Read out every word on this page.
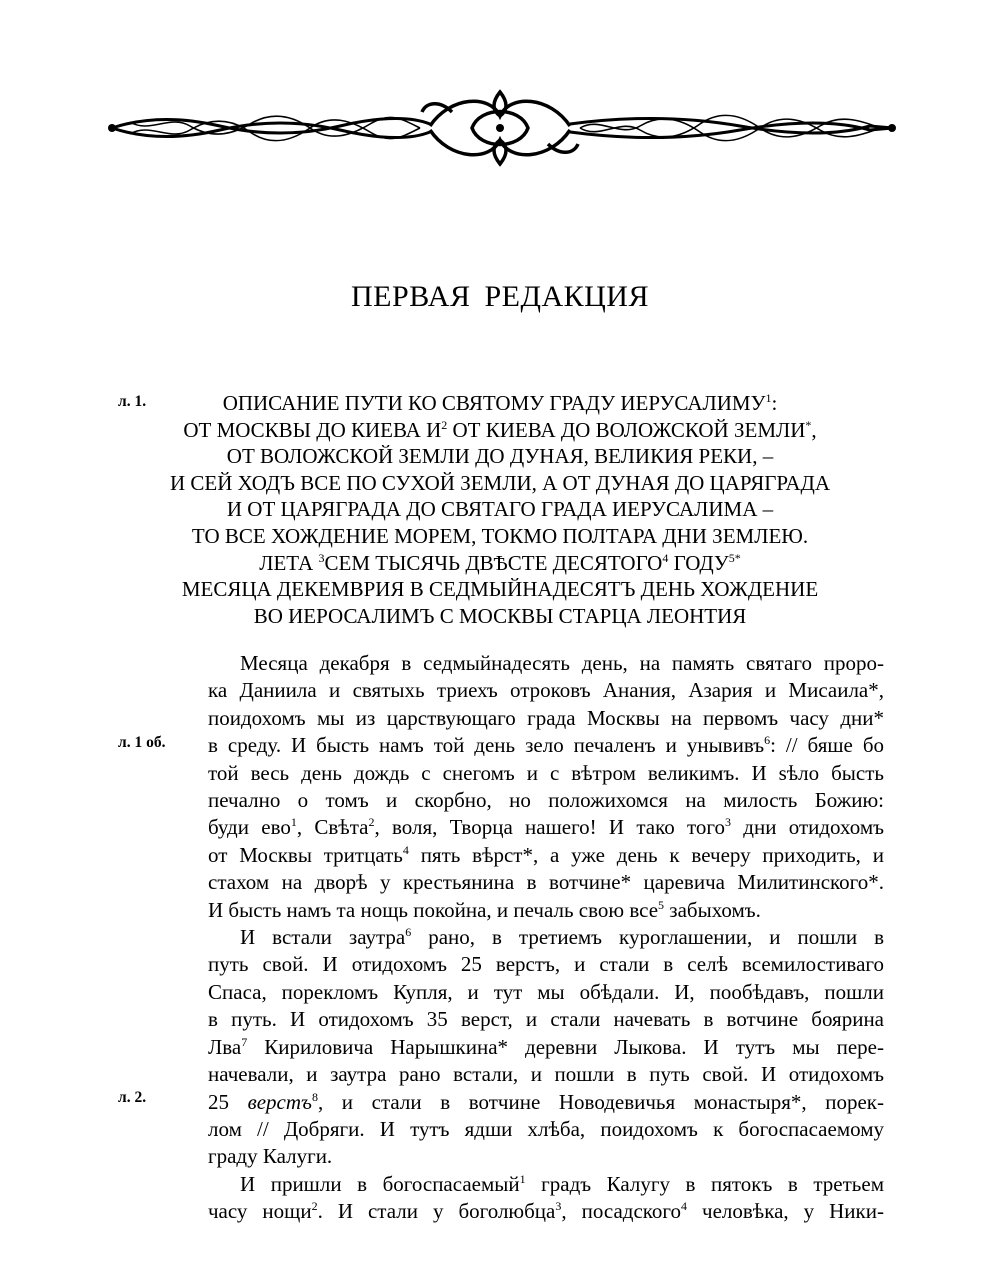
ПЕРВАЯ РЕДАКЦИЯ
л. 1.
л. 1 об.
л. 2.
ОПИСАНИЕ ПУТИ КО СВЯТОМУ ГРАДУ ИЕРУСАЛИМУ$^1$:
ОТ МОСКВЫ ДО КИЕВА $И^2$ ОТ КИЕВА ДО ВОЛОЖСКОЙ ЗЕМЛИ*,
ОТ ВОЛОЖСКОЙ ЗЕМЛИ ДО ДУНАЯ, ВЕЛИКИЯ РЕКИ, –
И СЕЙ ХОДЪ ВСЕ ПО СУХОЙ ЗЕМЛИ, А ОТ ДУНАЯ ДО ЦАРЯГРАДА
И ОТ ЦАРЯГРАДА ДО СВЯТАГО ГРАДА ИЕРУСАЛИМА –
ТО ВСЕ ХОЖДЕНИЕ МОРЕМ, ТОКМО ПОЛТАРА ДНИ ЗЕМЛЕЮ.
ЛЕТА $^3$СЕМ ТЫСЯЧЬ ДВѢСТЕ ДЕСЯТОГО$^4$ $ГОДУ^{5*}$
МЕСЯЦА ДЕКЕМВРИЯ В СЕДМЫЙНАДЕСЯТЪ ДЕНЬ ХОЖДЕНИЕ
ВО ИЕРОСАЛИМЪ С МОСКВЫ СТАРЦА ЛЕОНТИЯ
Месяца декабря в седмыйнадесять день, на память святаго проро-
ка Даниила и святыхь триехъ отроковъ Анания, Азария и Мисаила*,
поидохомъ мы из царствующаго града Москвы на первомъ часу дни*
в среду. И бысть намъ той день зело печаленъ и унывивъ$^6$: // бяше бо
той весь день дождь с снегомъ и с вѣтром великимъ. И ѕѣло бысть
печално о томъ и скорбно, но положихомся на милость Божию:
буди ево$^1$, Свѣта$^2$, воля, Творца нашего! И тако того$^3$ дни отидохомъ
от Москвы тритцать$^4$ пять вѣрст*, а уже день к вечеру приходить, и
стахом на дворѣ у крестьянина в вотчине* царевича Милитинского*.
И бысть намъ та нощь покойна, и печаль свою все$^5$ забыхомъ.
И встали заутра$^6$ рано, в третиемъ куроглашении, и пошли в
путь свой. И отидохомъ 25 верстъ, и стали в селѣ всемилостиваго
Спаса, порекломъ Купля, и тут мы обѣдали. И, пообѣдавъ, пошли
в путь. И отидохомъ 35 верст, и стали начевать в вотчине боярина
Лва$^7$ Кириловича Нарышкина* деревни Лыкова. И тутъ мы пере-
начевали, и заутра рано встали, и пошли в путь свой. И отидохомъ
25 верстъ$^8$, и стали в вотчине Новодевичья монастыря*, порек-
лом // Добряги. И тутъ ядши хлѣба, поидохомъ к богоспасаемому
граду Калуги.
И пришли в богоспасаемый$^1$ градъ Калугу в пятокъ в третьем
часу нощи$^2$. И стали у боголюбца$^3$, посадского$^4$ человѣка, у Ники-
